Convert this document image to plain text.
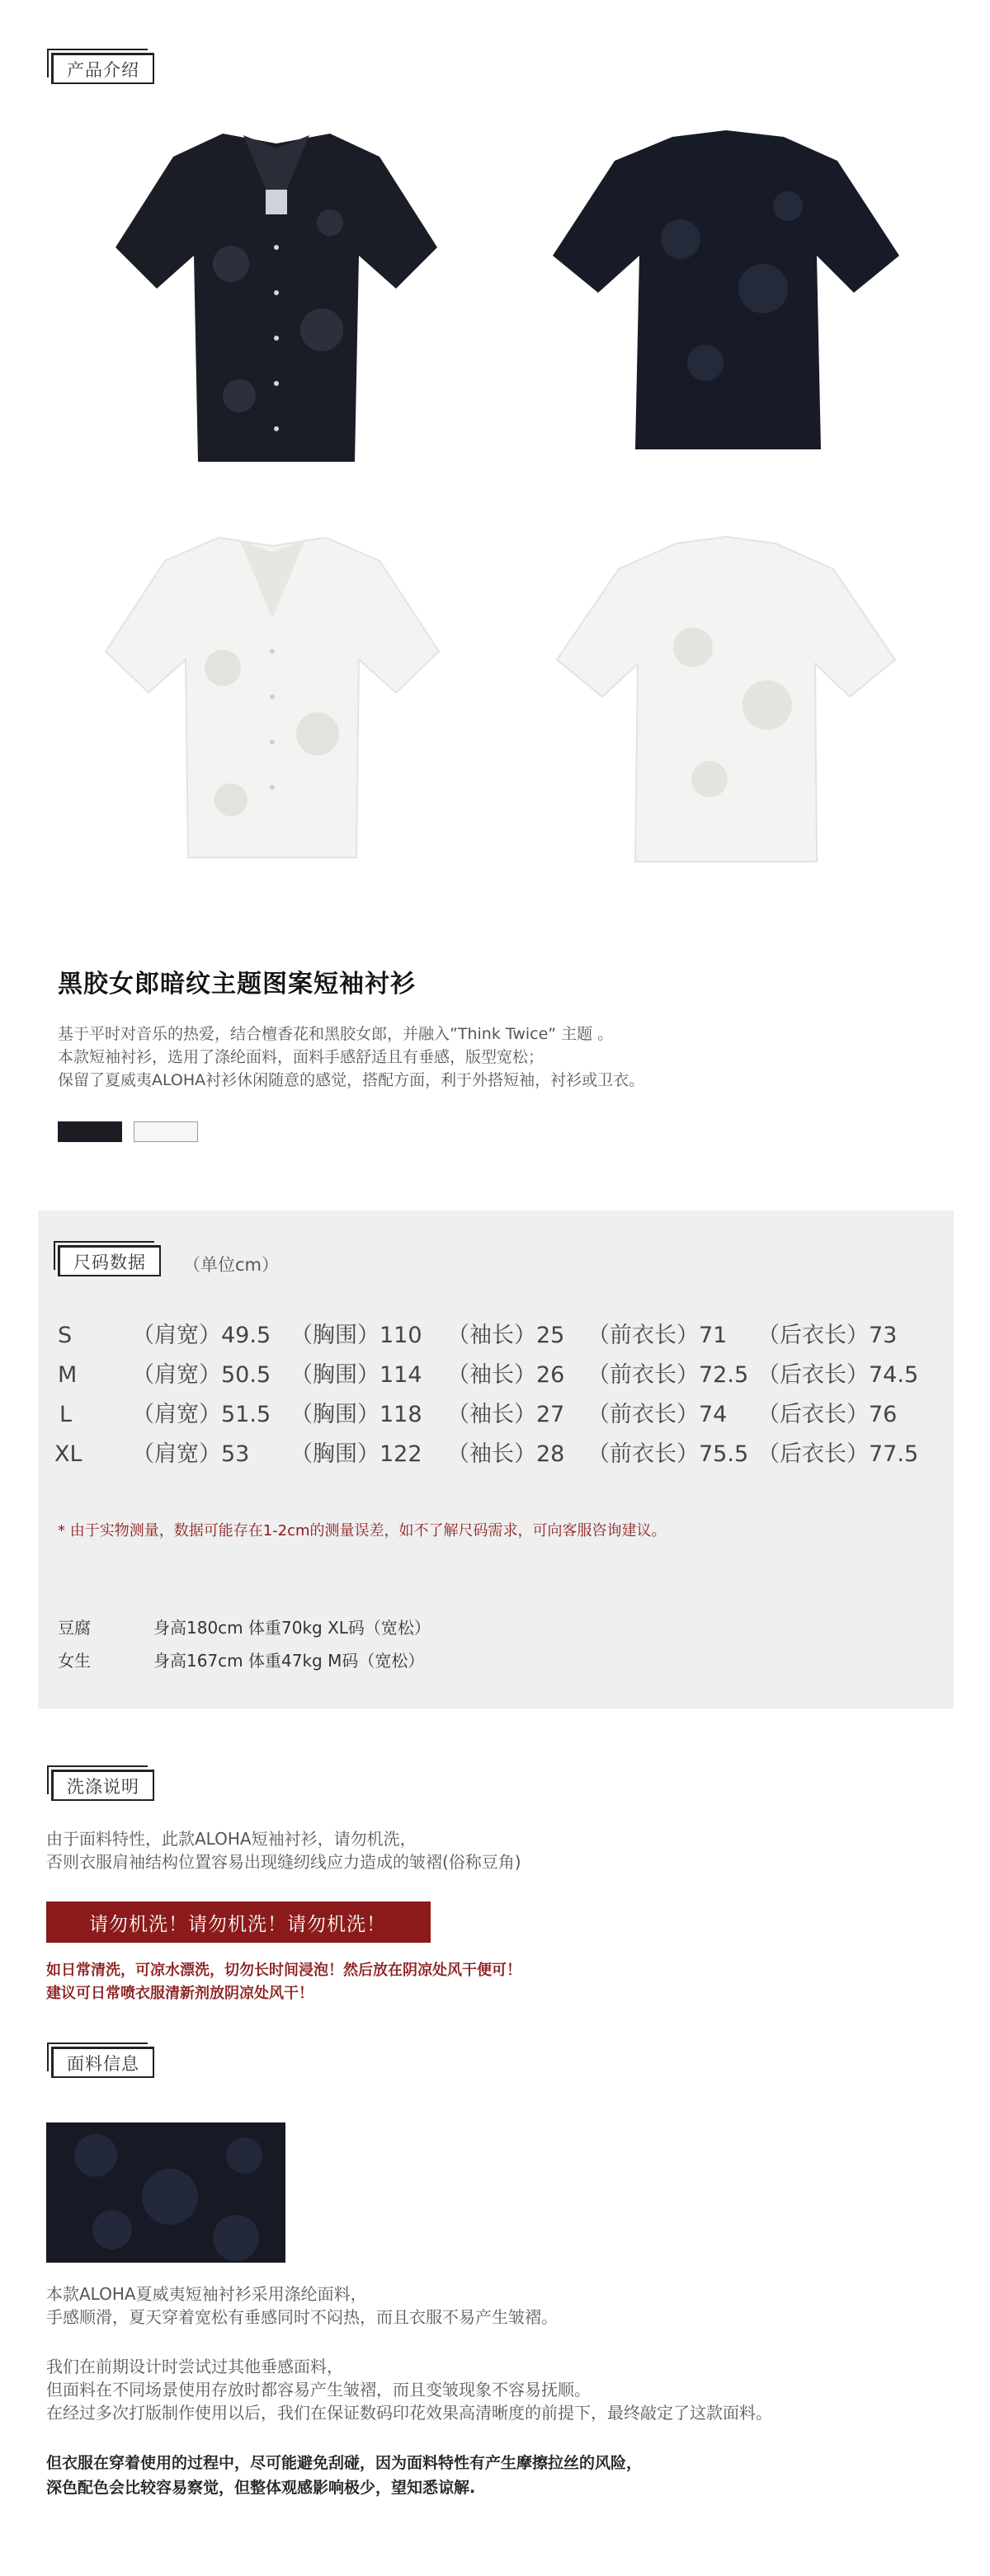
产品介绍
黑胶女郎暗纹主题图案短袖衬衫
基于平时对音乐的热爱，结合檀香花和黑胶女郎，并融入”Think Twice” 主题 。
本款短袖衬衫，选用了涤纶面料，面料手感舒适且有垂感，版型宽松；
保留了夏威夷ALOHA衬衫休闲随意的感觉，搭配方面，利于外搭短袖，衬衫或卫衣。
尺码数据	（单位cm）
S	（肩宽）49.5 （胸围）110 （袖长）25 （前衣长）71 （后衣长）73
M （肩宽）50.5 （胸围）114 （袖长）26 （前衣长）72.5 （后衣长）74.5
L	（肩宽）51.5 （胸围）118 （袖长）27 （前衣长）74 （后衣长）76
XL （肩宽）53 （胸围）122 （袖长）28 （前衣长）75.5 （后衣长）77.5
* 由于实物测量，数据可能存在1-2cm的测量误差，如不了解尺码需求，可向客服咨询建议。
豆腐	身高180cm 体重70kg XL码（宽松）
女生	身高167cm 体重47kg M码（宽松）
洗涤说明
由于面料特性，此款ALOHA短袖衬衫，请勿机洗，
否则衣服肩袖结构位置容易出现缝纫线应力造成的皱褶(俗称豆角)
请勿机洗！请勿机洗！请勿机洗！
如日常清洗，可凉水漂洗，切勿长时间浸泡！然后放在阴凉处风干便可！
建议可日常喷衣服清新剂放阴凉处风干！
面料信息
本款ALOHA夏威夷短袖衬衫采用涤纶面料，
手感顺滑，夏天穿着宽松有垂感同时不闷热，而且衣服不易产生皱褶。
我们在前期设计时尝试过其他垂感面料，
但面料在不同场景使用存放时都容易产生皱褶，而且变皱现象不容易抚顺。
在经过多次打版制作使用以后，我们在保证数码印花效果高清晰度的前提下，最终敲定了这款面料。
但衣服在穿着使用的过程中，尽可能避免刮碰，因为面料特性有产生摩擦拉丝的风险，
深色配色会比较容易察觉，但整体观感影响极少，望知悉谅解.
